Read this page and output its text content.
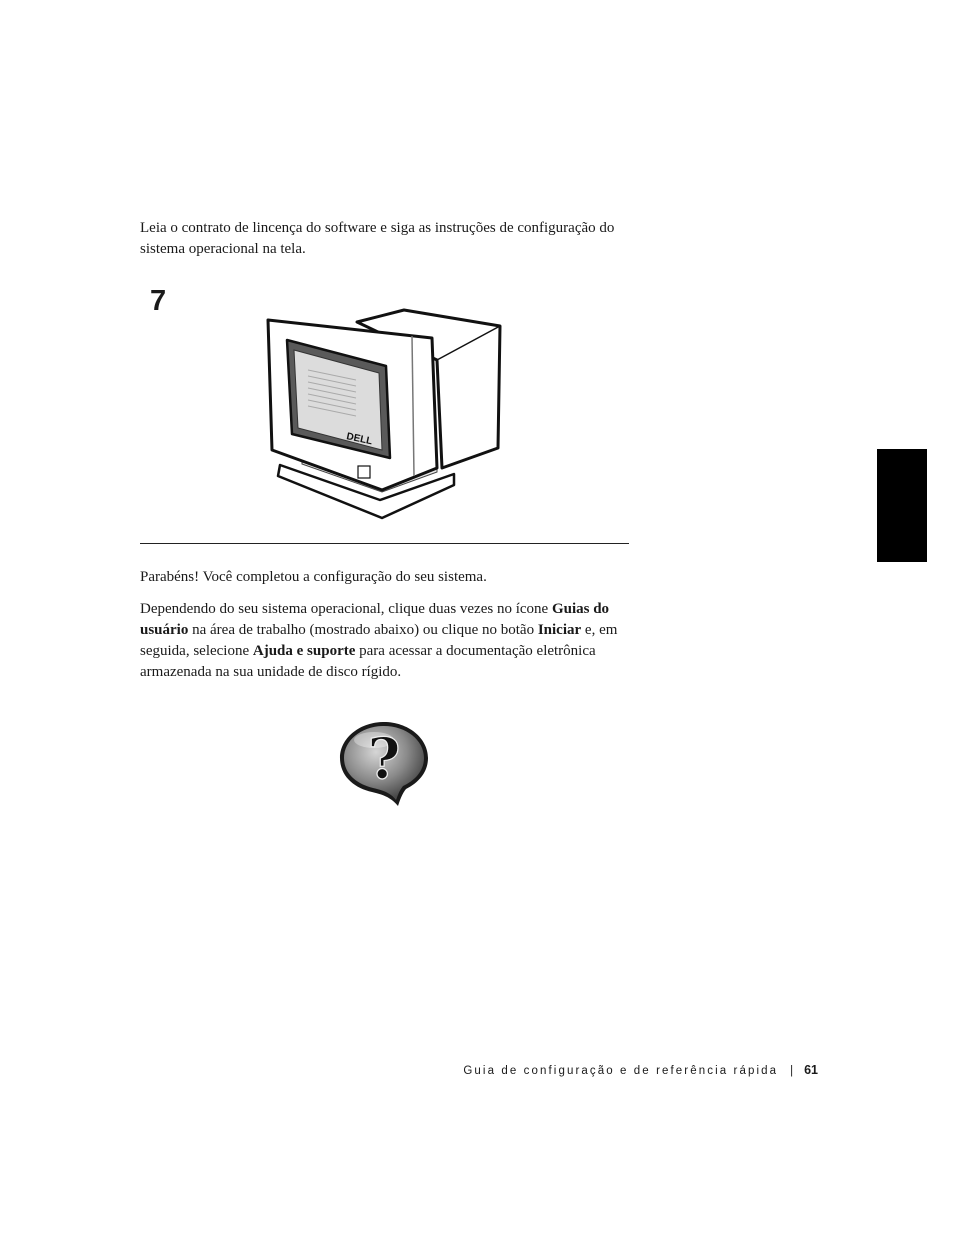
Leia o contrato de lincença do software e siga as instruções de configuração do sistema operacional na tela.

7
DELL

Parabéns! Você completou a configuração do seu sistema.

Dependendo do seu sistema operacional, clique duas vezes no ícone Guias do usuário na área de trabalho (mostrado abaixo) ou clique no botão Iniciar e, em seguida, selecione Ajuda e suporte para acessar a documentação eletrônica armazenada na sua unidade de disco rígido.

?
Guia de configuração e de referência rápida | 61
